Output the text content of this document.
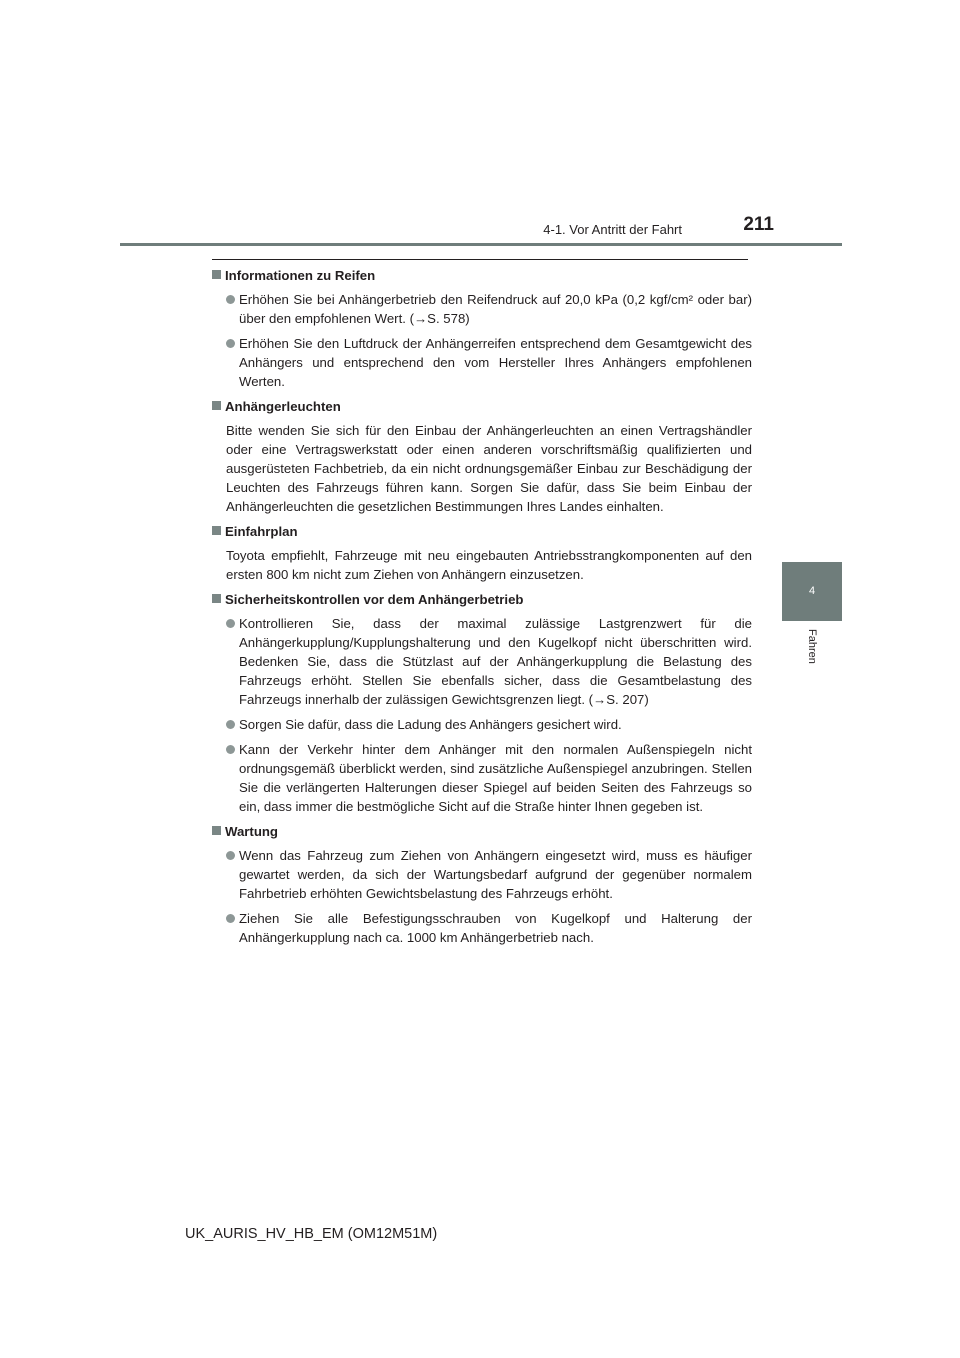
4-1. Vor Antritt der Fahrt	211
4
Fahren
Informationen zu Reifen
Erhöhen Sie bei Anhängerbetrieb den Reifendruck auf 20,0 kPa (0,2 kgf/cm² oder bar) über den empfohlenen Wert. (→S. 578)
Erhöhen Sie den Luftdruck der Anhängerreifen entsprechend dem Gesamtgewicht des Anhängers und entsprechend den vom Hersteller Ihres Anhängers empfohlenen Werten.
Anhängerleuchten
Bitte wenden Sie sich für den Einbau der Anhängerleuchten an einen Vertragshändler oder eine Vertragswerkstatt oder einen anderen vorschriftsmäßig qualifizierten und ausgerüsteten Fachbetrieb, da ein nicht ordnungsgemäßer Einbau zur Beschädigung der Leuchten des Fahrzeugs führen kann. Sorgen Sie dafür, dass Sie beim Einbau der Anhängerleuchten die gesetzlichen Bestimmungen Ihres Landes einhalten.
Einfahrplan
Toyota empfiehlt, Fahrzeuge mit neu eingebauten Antriebsstrangkomponenten auf den ersten 800 km nicht zum Ziehen von Anhängern einzusetzen.
Sicherheitskontrollen vor dem Anhängerbetrieb
Kontrollieren Sie, dass der maximal zulässige Lastgrenzwert für die Anhängerkupplung/Kupplungshalterung und den Kugelkopf nicht überschritten wird. Bedenken Sie, dass die Stützlast auf der Anhängerkupplung die Belastung des Fahrzeugs erhöht. Stellen Sie ebenfalls sicher, dass die Gesamtbelastung des Fahrzeugs innerhalb der zulässigen Gewichtsgrenzen liegt. (→S. 207)
Sorgen Sie dafür, dass die Ladung des Anhängers gesichert wird.
Kann der Verkehr hinter dem Anhänger mit den normalen Außenspiegeln nicht ordnungsgemäß überblickt werden, sind zusätzliche Außenspiegel anzubringen. Stellen Sie die verlängerten Halterungen dieser Spiegel auf beiden Seiten des Fahrzeugs so ein, dass immer die bestmögliche Sicht auf die Straße hinter Ihnen gegeben ist.
Wartung
Wenn das Fahrzeug zum Ziehen von Anhängern eingesetzt wird, muss es häufiger gewartet werden, da sich der Wartungsbedarf aufgrund der gegenüber normalem Fahrbetrieb erhöhten Gewichtsbelastung des Fahrzeugs erhöht.
Ziehen Sie alle Befestigungsschrauben von Kugelkopf und Halterung der Anhängerkupplung nach ca. 1000 km Anhängerbetrieb nach.
UK_AURIS_HV_HB_EM (OM12M51M)
